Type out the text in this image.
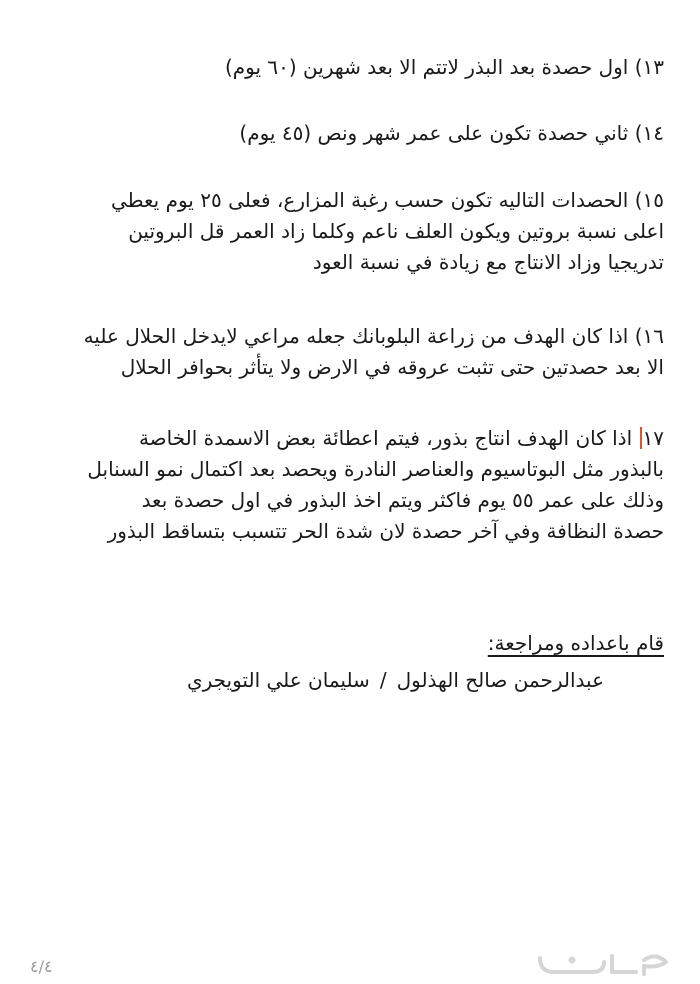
١٣) اول حصدة بعد البذر لاتتم الا بعد شهرين (٦٠ يوم)
١٤) ثاني حصدة تكون على عمر شهر ونص (٤٥ يوم)
١٥) الحصدات التاليه تكون حسب رغبة المزارع، فعلى ٢٥ يوم يعطي
اعلى نسبة بروتين ويكون العلف ناعم وكلما زاد العمر قل البروتين
تدريجيا وزاد الانتاج مع زيادة في نسبة العود
١٦) اذا كان الهدف من زراعة البلوبانك جعله مراعي لايدخل الحلال عليه
الا بعد حصدتين حتى تثبت عروقه في الارض ولا يتأثر بحوافر الحلال
١٧ اذا كان الهدف انتاج بذور، فيتم اعطائة بعض الاسمدة الخاصة
بالبذور مثل البوتاسيوم والعناصر النادرة ويحصد بعد اكتمال نمو السنابل
وذلك على عمر ٥٥ يوم فاكثر ويتم اخذ البذور في اول حصدة بعد
حصدة النظافة وفي آخر حصدة لان شدة الحر تتسبب بتساقط البذور
قام باعداده ومراجعة:
عبدالرحمن صالح الهذلول/سليمان علي التويجري
٤/٤
